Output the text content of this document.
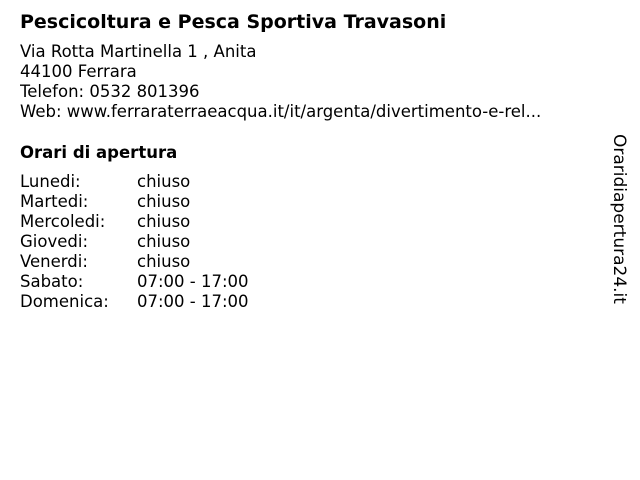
Pescicoltura e Pesca Sportiva Travasoni
Via Rotta Martinella 1 , Anita
44100 Ferrara
Telefon: 0532 801396
Web: www.ferraraterraeacqua.it/it/argenta/divertimento-e-rel...
Orari di apertura
Lunedi:	chiuso
Martedi:	chiuso
Mercoledi:	chiuso
Giovedi:	chiuso
Venerdi:	chiuso
Sabato:	07:00 - 17:00
Domenica:	07:00 - 17:00	Oraridiapertura24.it
